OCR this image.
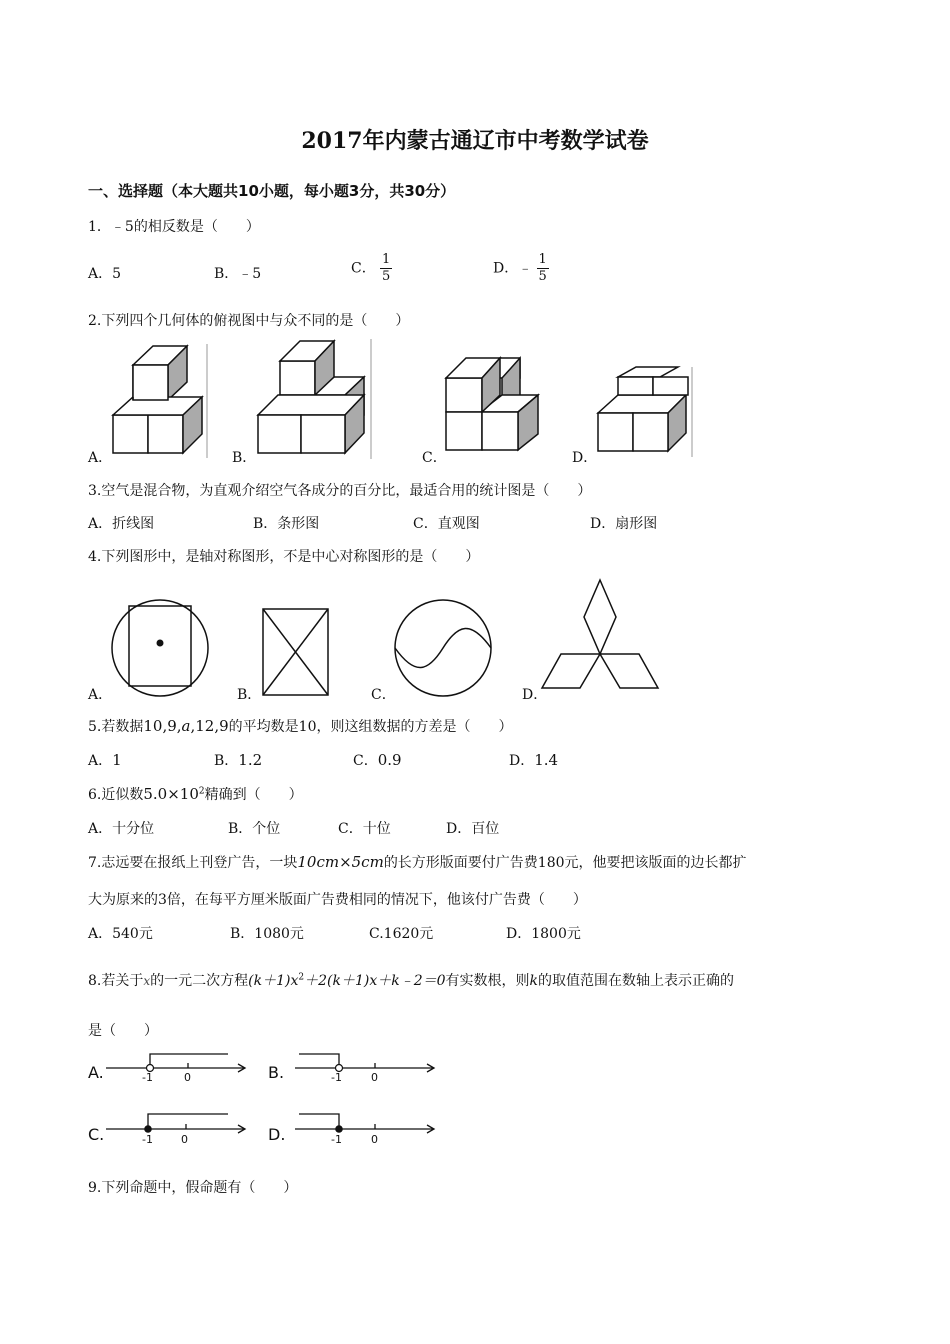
2017年内蒙古通辽市中考数学试卷
一、选择题（本大题共10小题，每小题3分，共30分）
1．﹣5的相反数是（　　）
A．5	B．﹣5	C． $\frac{1}{5}$	D．﹣ $\frac{1}{5}$
2.下列四个几何体的俯视图中与众不同的是（　　）
A．	B．	C．	D．
3.空气是混合物，为直观介绍空气各成分的百分比，最适合用的统计图是（　　）
A．折线图	B．条形图	C．直观图	D．扇形图
4.下列图形中，是轴对称图形，不是中心对称图形的是（　　）
A．	B．	C．	D．
5.若数据10,9,a,12,9的平均数是10，则这组数据的方差是（　　）
A．1	B．1.2	C．0.9	D．1.4
6.近似数$5.0\times 10^2$精确到（　　）
A．十分位	B．个位	C．十位	D．百位
7.志远要在报纸上刊登广告，一块10cm×5cm的长方形版面要付广告费180元，他要把该版面的边长都扩
大为原来的3倍，在每平方厘米版面广告费相同的情况下，他该付广告费（　　）
A．540元	B．1080元	C.1620元	D．1800元
8.若关于x的一元二次方程$(k+1)x^2+2(k+1)x+k﹣2=0$有实数根，则k的取值范围在数轴上表示正确的
是（　　）
A.	-1	0	B.	-1	0
C.	-1	0	D.	-1	0
9.下列命题中，假命题有（　　）
